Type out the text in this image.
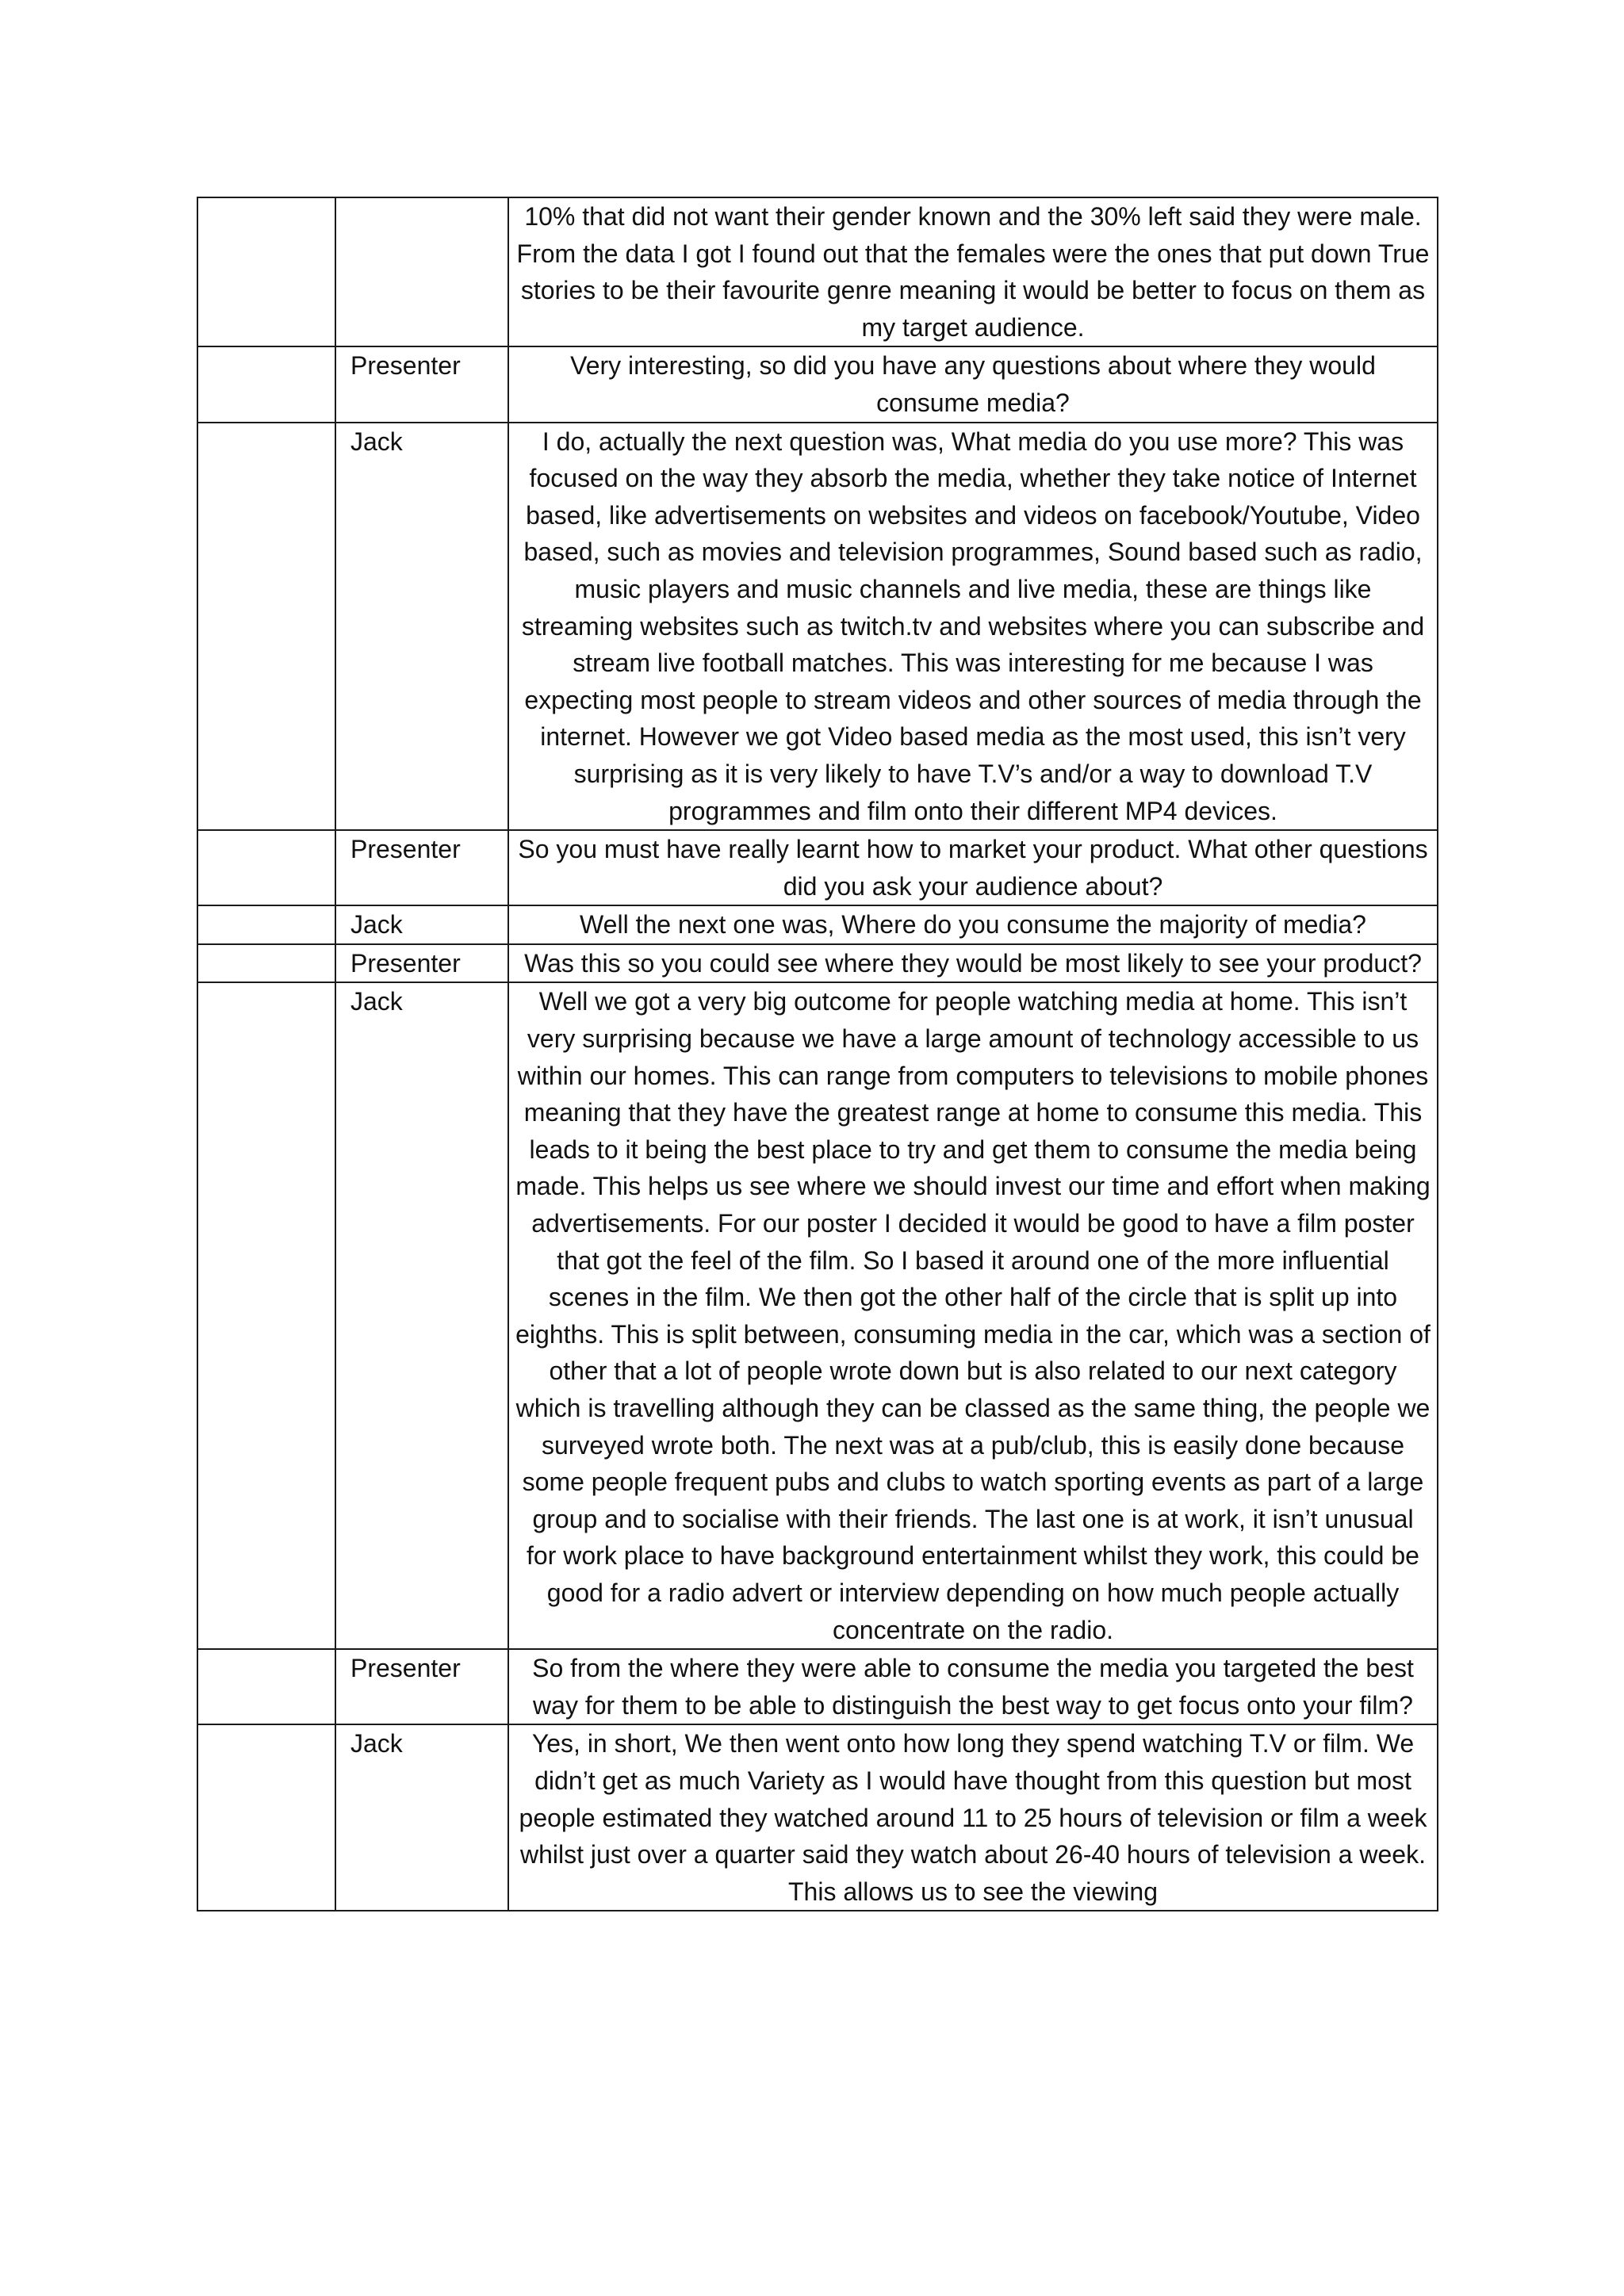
		10% that did not want their gender known and the 30% left said they were male. From the data I got I found out that the females were the ones that put down True stories to be their favourite genre meaning it would be better to focus on them as my target audience.
	Presenter	Very interesting, so did you have any questions about where they would consume media?
	Jack	I do, actually the next question was, What media do you use more? This was focused on the way they absorb the media, whether they take notice of Internet based, like advertisements on websites and videos on facebook/Youtube, Video based, such as movies and television programmes, Sound based such as radio, music players and music channels and live media, these are things like streaming websites such as twitch.tv and websites where you can subscribe and stream live football matches. This was interesting for me because I was expecting most people to stream videos and other sources of media through the internet. However we got Video based media as the most used, this isn’t very surprising as it is very likely to have T.V’s and/or a way to download T.V programmes and film onto their different MP4 devices.
	Presenter	So you must have really learnt how to market your product. What other questions did you ask your audience about?
	Jack	Well the next one was, Where do you consume the majority of media?
	Presenter	Was this so you could see where they would be most likely to see your product?
	Jack	Well we got a very big outcome for people watching media at home. This isn’t very surprising because we have a large amount of technology accessible to us within our homes. This can range from computers to televisions to mobile phones meaning that they have the greatest range at home to consume this media. This leads to it being the best place to try and get them to consume the media being made. This helps us see where we should invest our time and effort when making advertisements. For our poster I decided it would be good to have a film poster that got the feel of the film. So I based it around one of the more influential scenes in the film. We then got the other half of the circle that is split up into eighths. This is split between, consuming media in the car, which was a section of other that a lot of people wrote down but is also related to our next category which is travelling although they can be classed as the same thing, the people we surveyed wrote both. The next was at a pub/club, this is easily done because some people frequent pubs and clubs to watch sporting events as part of a large group and to socialise with their friends. The last one is at work, it isn’t unusual for work place to have background entertainment whilst they work, this could be good for a radio advert or interview depending on how much people actually concentrate on the radio.
	Presenter	So from the where they were able to consume the media you targeted the best way for them to be able to distinguish the best way to get focus onto your film?
	Jack	Yes, in short, We then went onto how long they spend watching T.V or film. We didn’t get as much Variety as I would have thought from this question but most people estimated they watched around 11 to 25 hours of television or film a week whilst just over a quarter said they watch about 26-40 hours of television a week. This allows us to see the viewing
